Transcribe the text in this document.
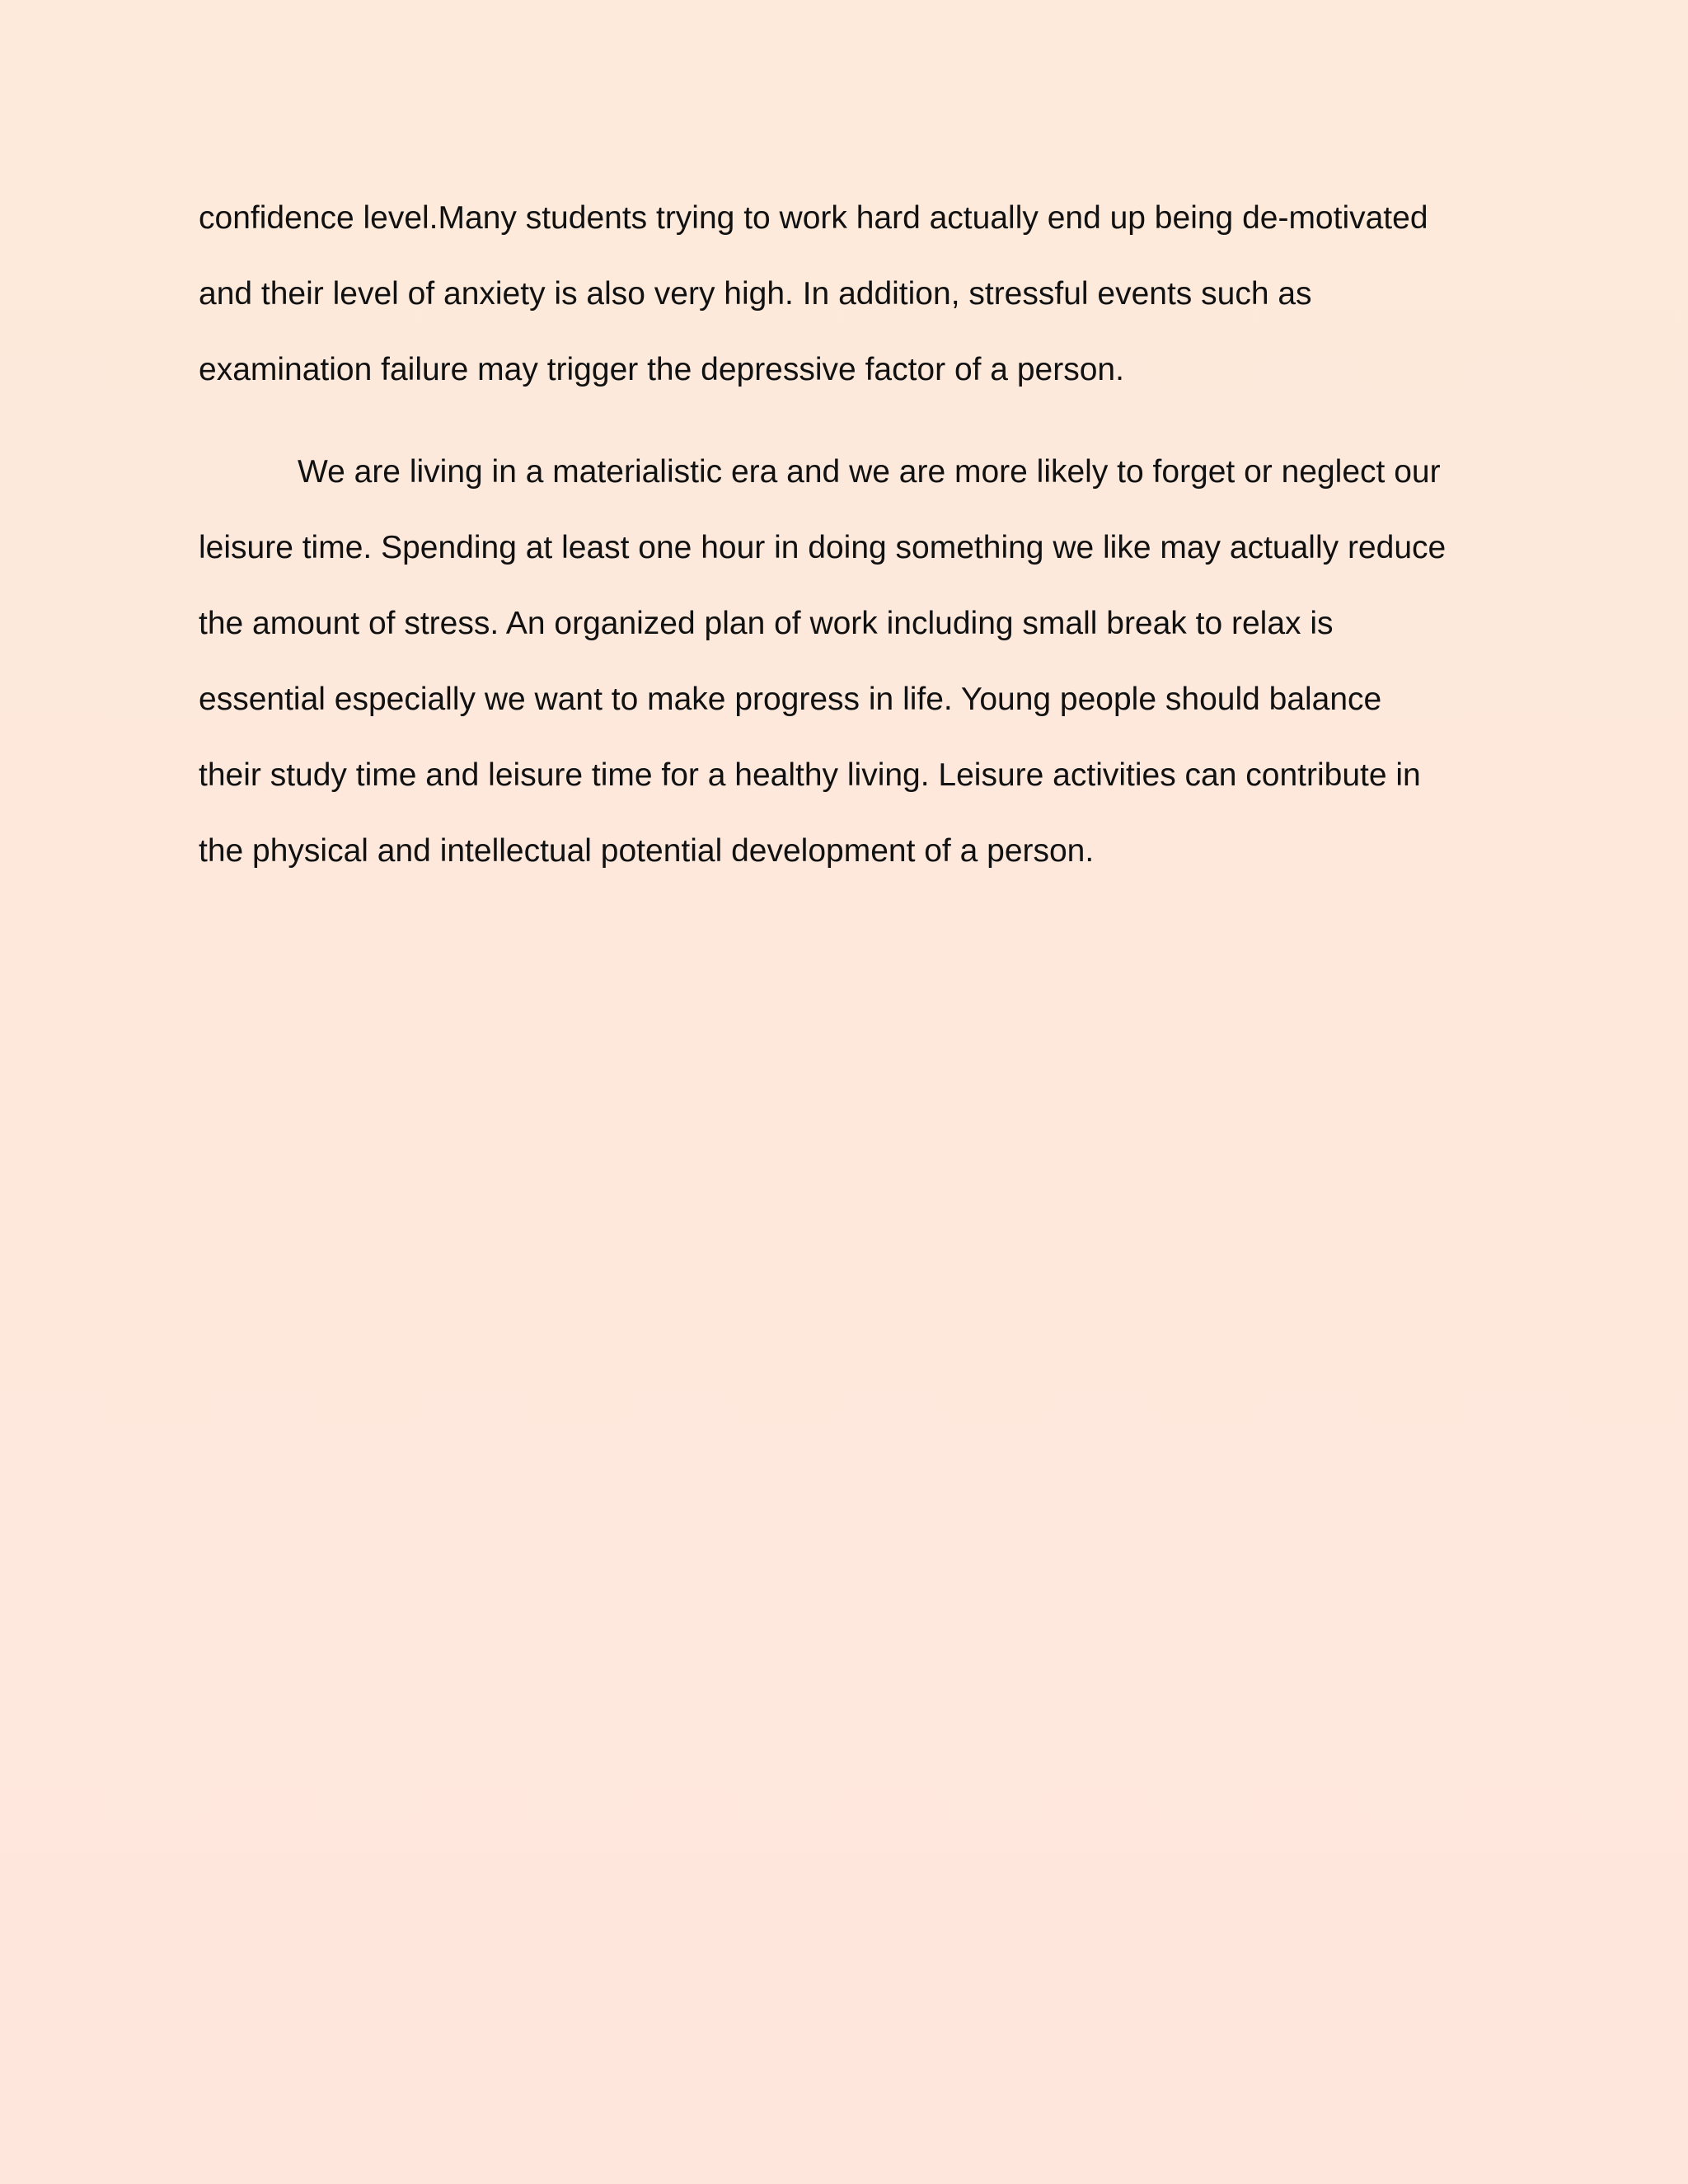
confidence level.Many students trying to work hard actually end up being de-motivated
and their level of anxiety is also very high. In addition, stressful events such as
examination failure may trigger the depressive factor of a person.
We are living in a materialistic era and we are more likely to forget or neglect our
leisure time. Spending at least one hour in doing something we like may actually reduce
the amount of stress. An organized plan of work including small break to relax is
essential especially we want to make progress in life. Young people should balance
their study time and leisure time for a healthy living. Leisure activities can contribute in
the physical and intellectual potential development of a person.
